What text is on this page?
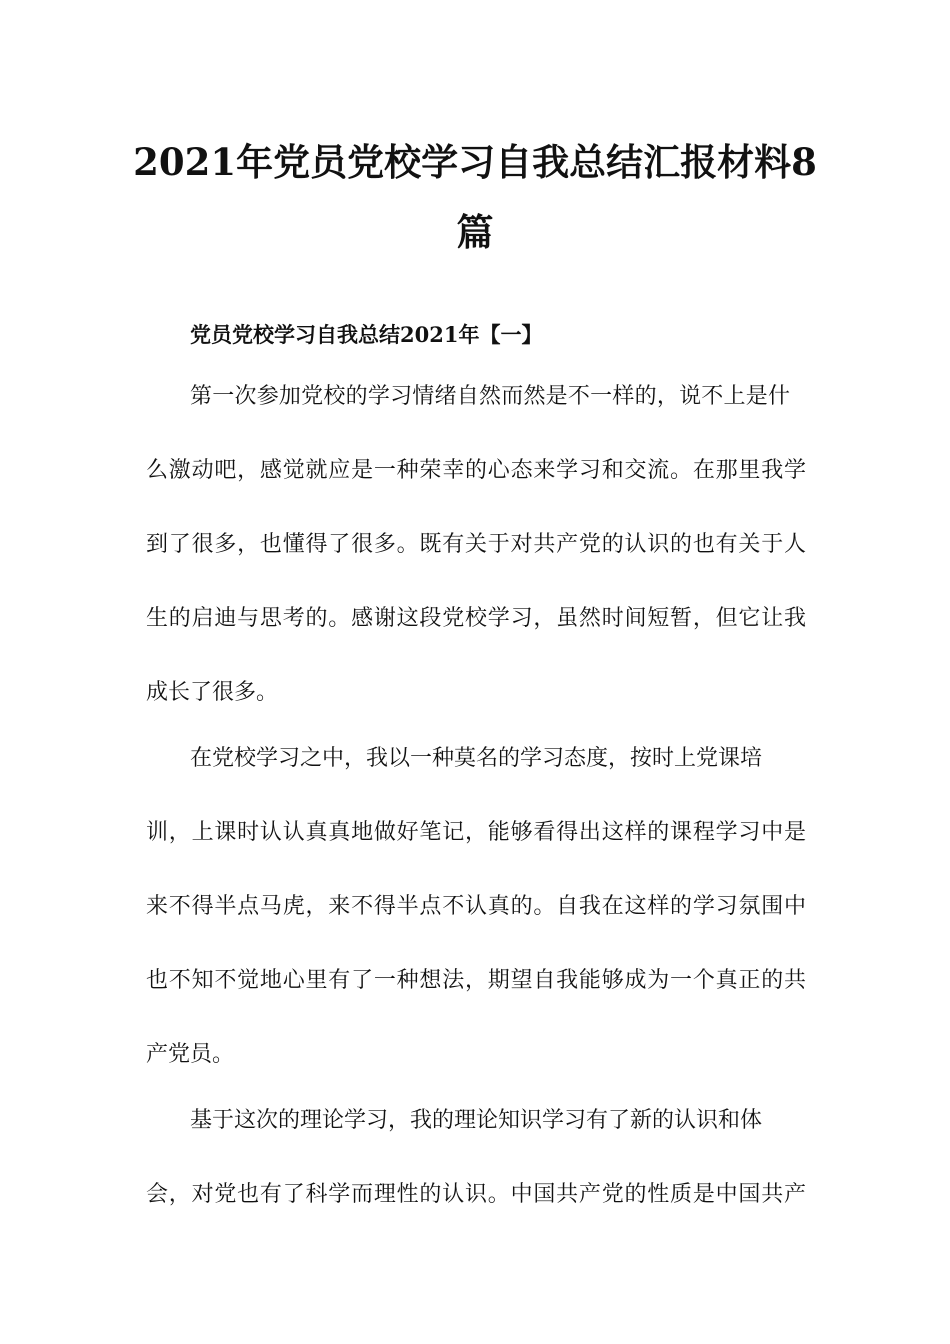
2021年党员党校学习自我总结汇报材料8
篇
党员党校学习自我总结2021年【一】
第一次参加党校的学习情绪自然而然是不一样的，说不上是什
么激动吧，感觉就应是一种荣幸的心态来学习和交流。在那里我学
到了很多，也懂得了很多。既有关于对共产党的认识的也有关于人
生的启迪与思考的。感谢这段党校学习，虽然时间短暂，但它让我
成长了很多。
在党校学习之中，我以一种莫名的学习态度，按时上党课培
训，上课时认认真真地做好笔记，能够看得出这样的课程学习中是
来不得半点马虎，来不得半点不认真的。自我在这样的学习氛围中
也不知不觉地心里有了一种想法，期望自我能够成为一个真正的共
产党员。
基于这次的理论学习，我的理论知识学习有了新的认识和体
会，对党也有了科学而理性的认识。中国共产党的性质是中国共产
